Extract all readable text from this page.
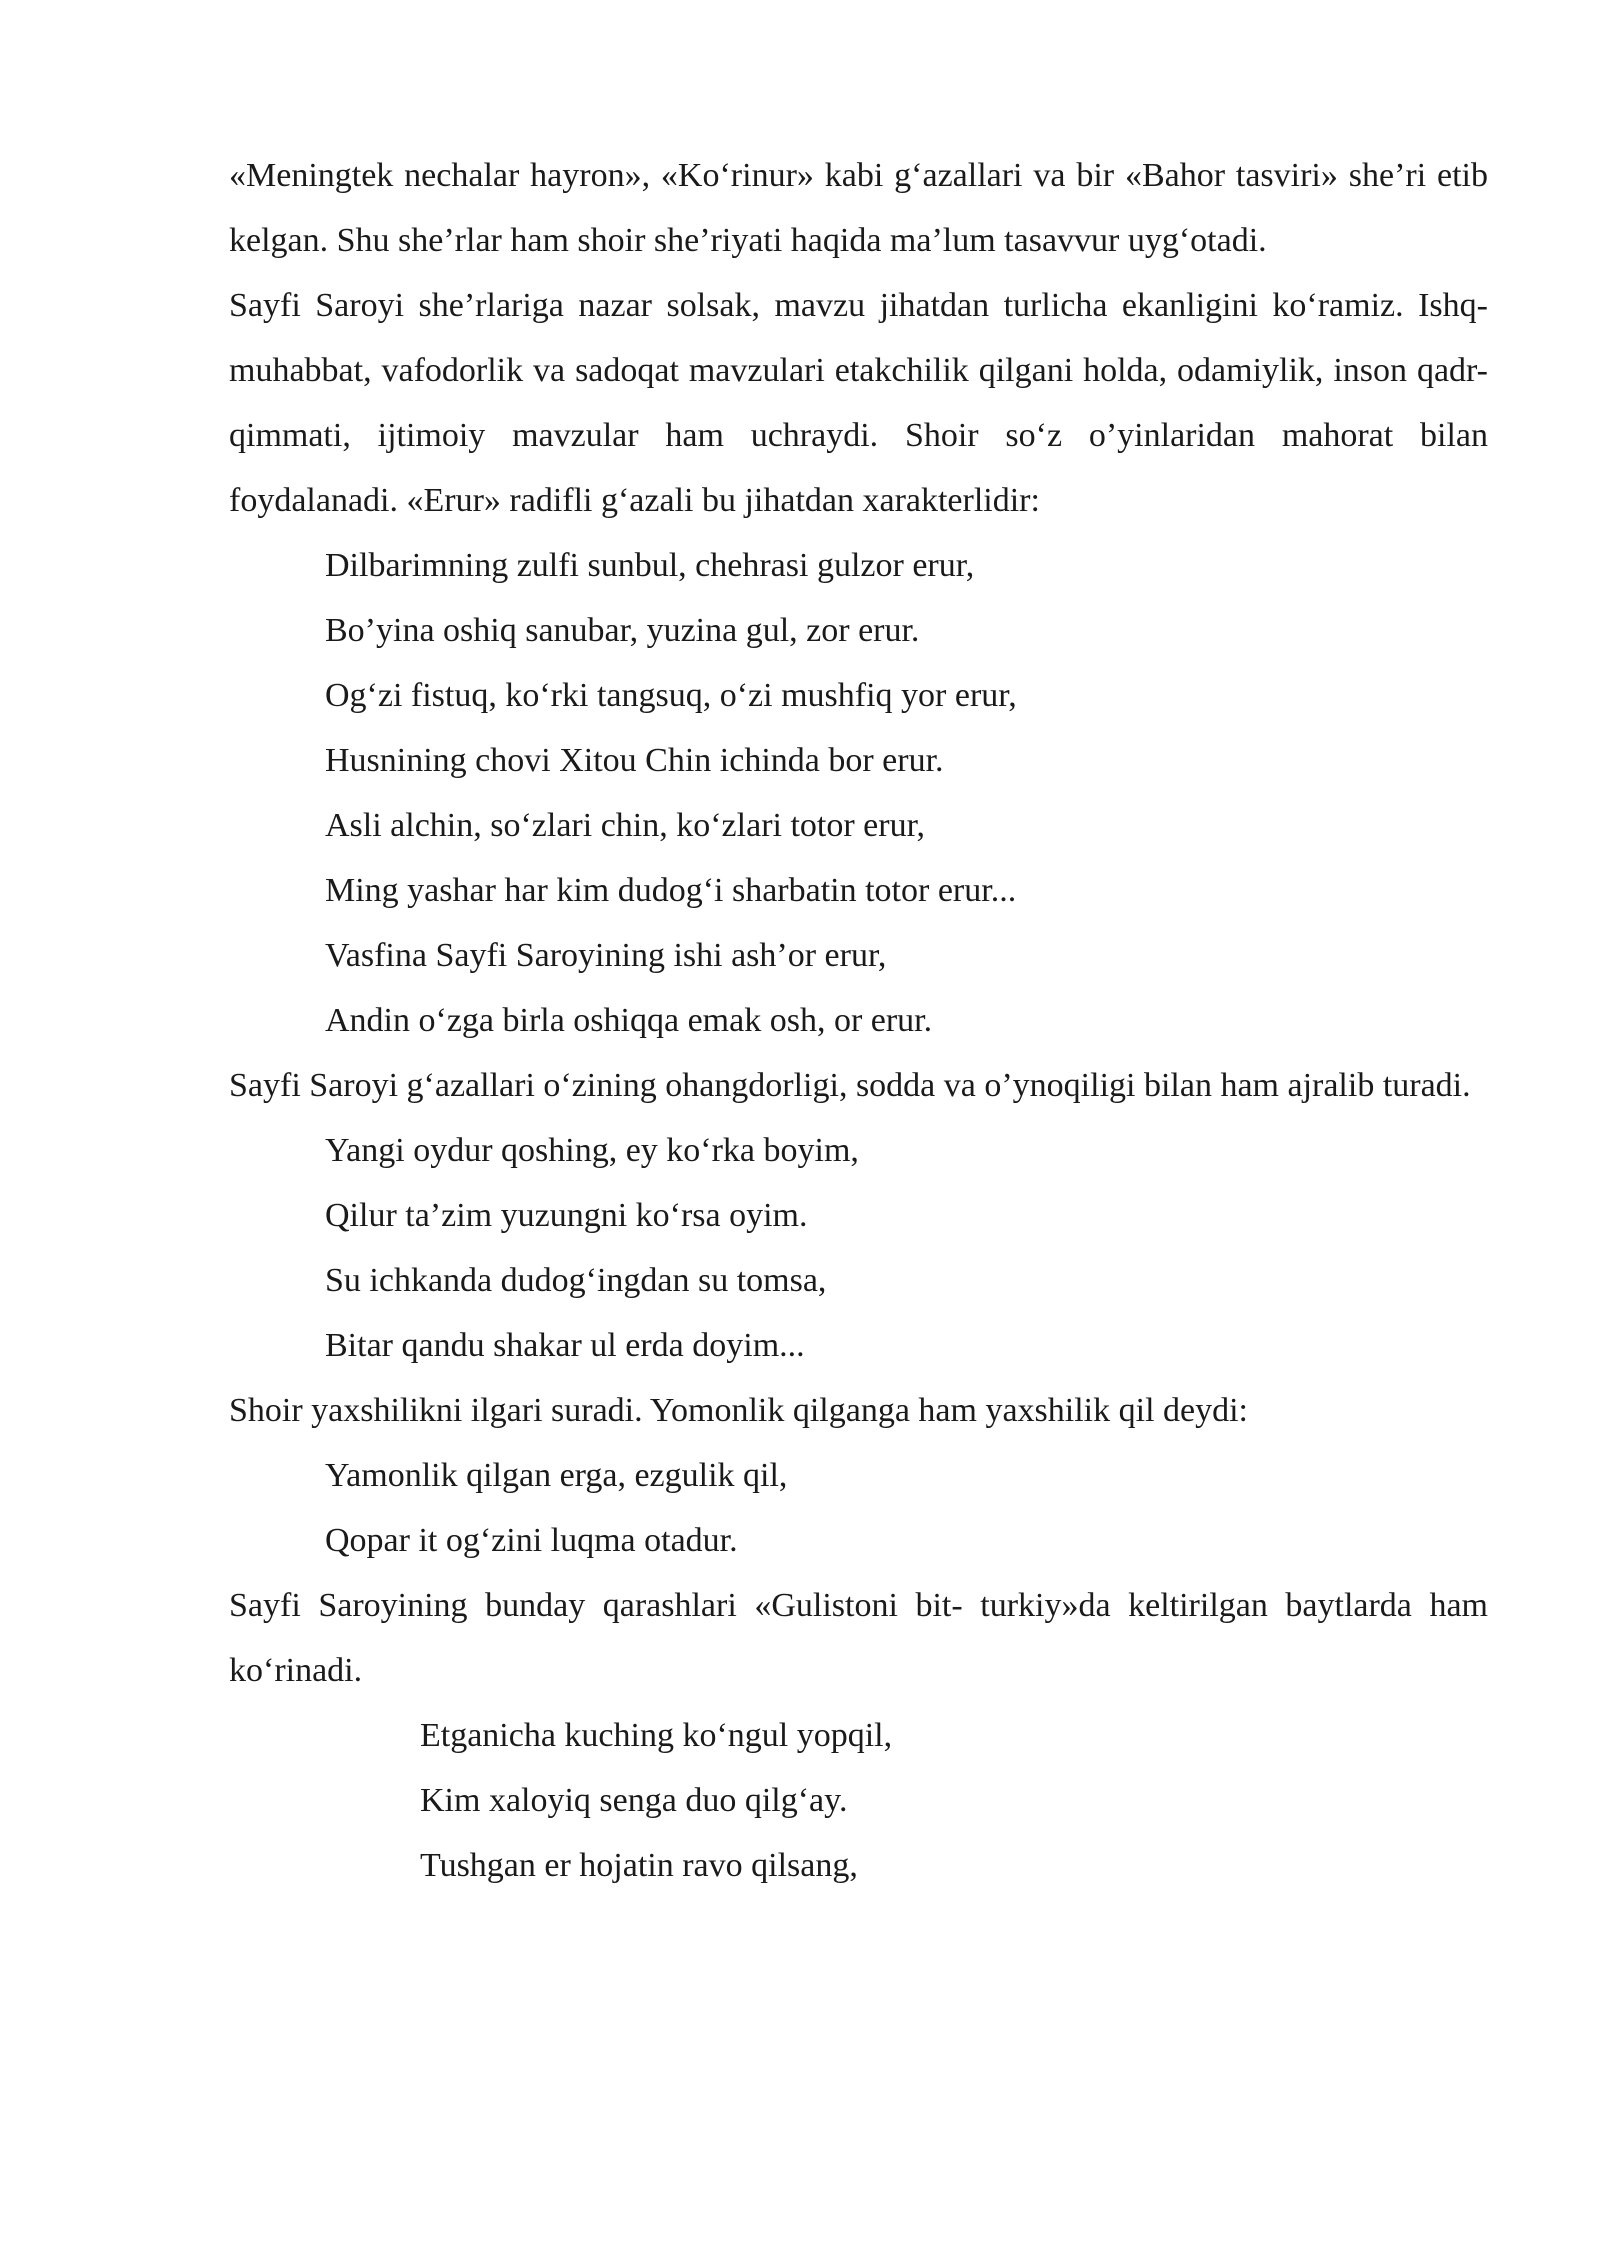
«Meningtek nechalar hayron», «Ko‘rinur» kabi g‘azallari va bir «Bahor tasviri» she’ri etib kelgan. Shu she’rlar ham shoir she’riyati haqida ma’lum tasavvur uyg‘otadi.

Sayfi Saroyi she’rlariga nazar solsak, mavzu jihatdan turlicha ekanligini ko‘ramiz. Ishq-muhabbat, vafodorlik va sadoqat mavzulari etakchilik qilgani holda, odamiylik, inson qadr-qimmati, ijtimoiy mavzular ham uchraydi. Shoir so‘z o’yinlaridan mahorat bilan foydalanadi. «Erur» radifli g‘azali bu jihatdan xarakterlidir:

Dilbarimning zulfi sunbul, chehrasi gulzor erur,
Bo’yina oshiq sanubar, yuzina gul, zor erur.
Og‘zi fistuq, ko‘rki tangsuq, o‘zi mushfiq yor erur,
Husnining chovi Xitou Chin ichinda bor erur.
Asli alchin, so‘zlari chin, ko‘zlari totor erur,
Ming yashar har kim dudog‘i sharbatin totor erur...
Vasfina Sayfi Saroyining ishi ash’or erur,
Andin o‘zga birla oshiqqa emak osh, or erur.

Sayfi Saroyi g‘azallari o‘zining ohangdorligi, sodda va o’ynoqiligi bilan ham ajralib turadi.

Yangi oydur qoshing, ey ko‘rka boyim,
Qilur ta’zim yuzungni ko‘rsa oyim.
Su ichkanda dudog‘ingdan su tomsa,
Bitar qandu shakar ul erda doyim...

Shoir yaxshilikni ilgari suradi. Yomonlik qilganga ham yaxshilik qil deydi:

Yamonlik qilgan erga, ezgulik qil,
Qopar it og‘zini luqma otadur.

Sayfi Saroyining bunday qarashlari «Gulistoni bit- turkiy»da keltirilgan baytlarda ham ko‘rinadi.

Etganicha kuching ko‘ngul yopqil,
Kim xaloyiq senga duo qilg‘ay.
Tushgan er hojatin ravo qilsang,
